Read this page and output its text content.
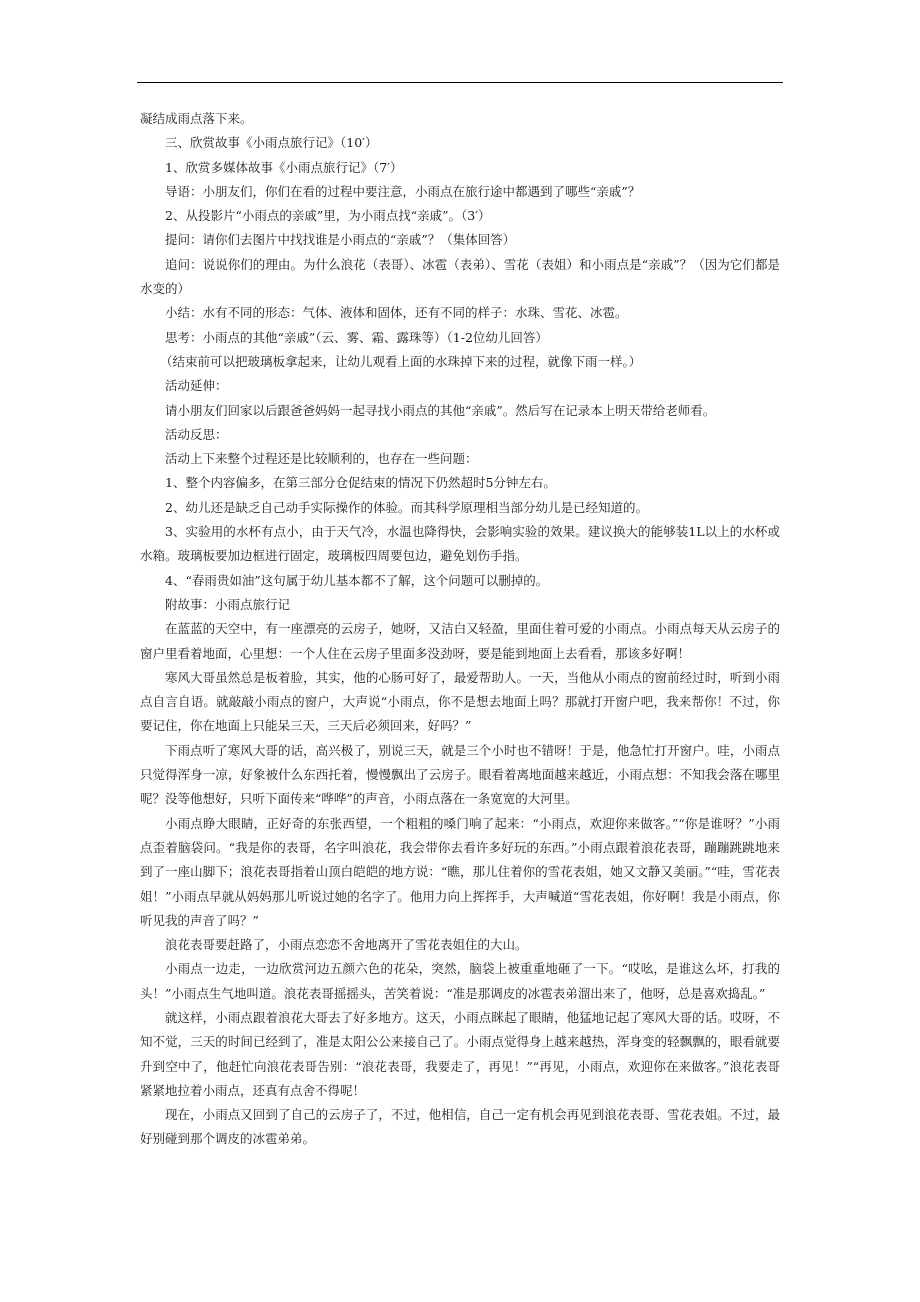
凝结成雨点落下来。

三、欣赏故事《小雨点旅行记》（10′）

1、欣赏多媒体故事《小雨点旅行记》（7′）

导语：小朋友们，你们在看的过程中要注意，小雨点在旅行途中都遇到了哪些“亲戚”？

2、从投影片“小雨点的亲戚”里，为小雨点找“亲戚”。（3′）

提问：请你们去图片中找找谁是小雨点的“亲戚”？（集体回答）

追问：说说你们的理由。为什么浪花（表哥）、冰雹（表弟）、雪花（表姐）和小雨点是“亲戚”？（因为它们都是水变的）

小结：水有不同的形态：气体、液体和固体，还有不同的样子：水珠、雪花、冰雹。

思考：小雨点的其他“亲戚”（云、雾、霜、露珠等）（1-2位幼儿回答）

（结束前可以把玻璃板拿起来，让幼儿观看上面的水珠掉下来的过程，就像下雨一样。）

活动延伸：

请小朋友们回家以后跟爸爸妈妈一起寻找小雨点的其他“亲戚”。然后写在记录本上明天带给老师看。

活动反思：

活动上下来整个过程还是比较顺利的，也存在一些问题：

1、整个内容偏多，在第三部分仓促结束的情况下仍然超时5分钟左右。

2、幼儿还是缺乏自己动手实际操作的体验。而其科学原理相当部分幼儿是已经知道的。

3、实验用的水杯有点小，由于天气冷，水温也降得快，会影响实验的效果。建议换大的能够装1L以上的水杯或水箱。玻璃板要加边框进行固定，玻璃板四周要包边，避免划伤手指。

4、“春雨贵如油”这句属于幼儿基本都不了解，这个问题可以删掉的。

附故事：小雨点旅行记

在蓝蓝的天空中，有一座漂亮的云房子，她呀，又洁白又轻盈，里面住着可爱的小雨点。小雨点每天从云房子的窗户里看着地面，心里想：一个人住在云房子里面多没劲呀，要是能到地面上去看看，那该多好啊！

寒风大哥虽然总是板着脸，其实，他的心肠可好了，最爱帮助人。一天，当他从小雨点的窗前经过时，听到小雨点自言自语。就敲敲小雨点的窗户，大声说“小雨点，你不是想去地面上吗？那就打开窗户吧，我来帮你！不过，你要记住，你在地面上只能呆三天，三天后必须回来，好吗？”

下雨点听了寒风大哥的话，高兴极了，别说三天，就是三个小时也不错呀！于是，他急忙打开窗户。哇，小雨点只觉得浑身一凉，好象被什么东西托着，慢慢飘出了云房子。眼看着离地面越来越近，小雨点想：不知我会落在哪里呢？没等他想好，只听下面传来“哗哗”的声音，小雨点落在一条宽宽的大河里。

小雨点睁大眼睛，正好奇的东张西望，一个粗粗的嗓门响了起来：“小雨点，欢迎你来做客。”“你是谁呀？”小雨点歪着脑袋问。“我是你的表哥，名字叫浪花，我会带你去看许多好玩的东西。”小雨点跟着浪花表哥，蹦蹦跳跳地来到了一座山脚下；浪花表哥指着山顶白皑皑的地方说：“瞧，那儿住着你的雪花表姐，她又文静又美丽。”“哇，雪花表姐！”小雨点早就从妈妈那儿听说过她的名字了。他用力向上挥挥手，大声喊道“雪花表姐，你好啊！我是小雨点，你听见我的声音了吗？”

浪花表哥要赶路了，小雨点恋恋不舍地离开了雪花表姐住的大山。

小雨点一边走，一边欣赏河边五颜六色的花朵，突然，脑袋上被重重地砸了一下。“哎吆，是谁这么坏，打我的头！”小雨点生气地叫道。浪花表哥摇摇头，苦笑着说：“准是那调皮的冰雹表弟溜出来了，他呀，总是喜欢捣乱。”

就这样，小雨点跟着浪花大哥去了好多地方。这天，小雨点眯起了眼睛，他猛地记起了寒风大哥的话。哎呀，不知不觉，三天的时间已经到了，准是太阳公公来接自己了。小雨点觉得身上越来越热，浑身变的轻飘飘的，眼看就要升到空中了，他赶忙向浪花表哥告别：“浪花表哥，我要走了，再见！”“再见，小雨点，欢迎你在来做客。”浪花表哥紧紧地拉着小雨点，还真有点舍不得呢！

现在，小雨点又回到了自己的云房子了，不过，他相信，自己一定有机会再见到浪花表哥、雪花表姐。不过，最好别碰到那个调皮的冰雹弟弟。
